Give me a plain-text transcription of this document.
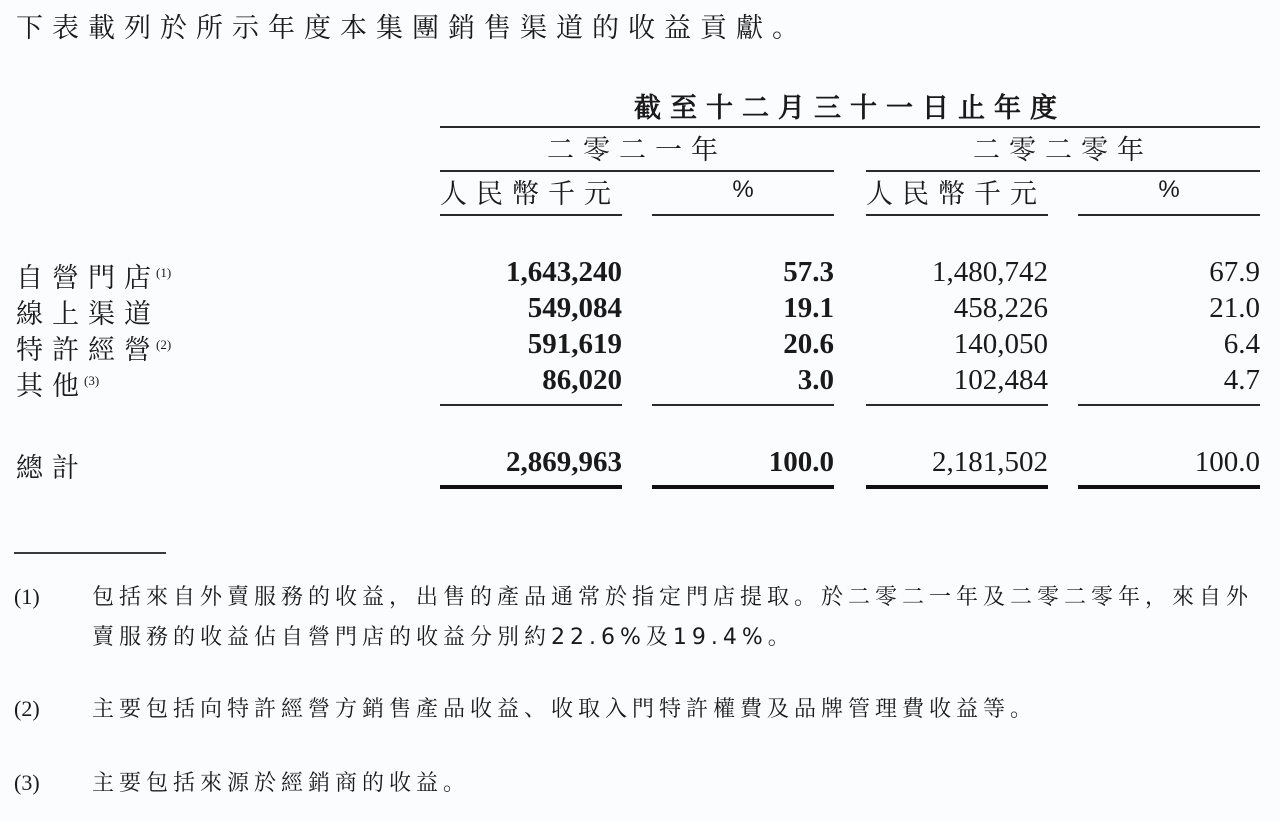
下表載列於所示年度本集團銷售渠道的收益貢獻。
截至十二月三十一日止年度
二零二一年	二零二零年
人民幣千元	%	人民幣千元	%
自營門店$^{(1)}$	1,643,240	57.3	1,480,742	67.9
線上渠道	549,084	19.1	458,226	21.0
特許經營$^{(2)}$	591,619	20.6	140,050	6.4
其他$^{(3)}$	86,020	3.0	102,484	4.7
總計	2,869,963	100.0	2,181,502	100.0
(1) 包括來自外賣服務的收益，出售的產品通常於指定門店提取。於二零二一年及二零二零年，來自外賣服務的收益佔自營門店的收益分別約22.6%及19.4%。
(2) 主要包括向特許經營方銷售產品收益、收取入門特許權費及品牌管理費收益等。
(3) 主要包括來源於經銷商的收益。
